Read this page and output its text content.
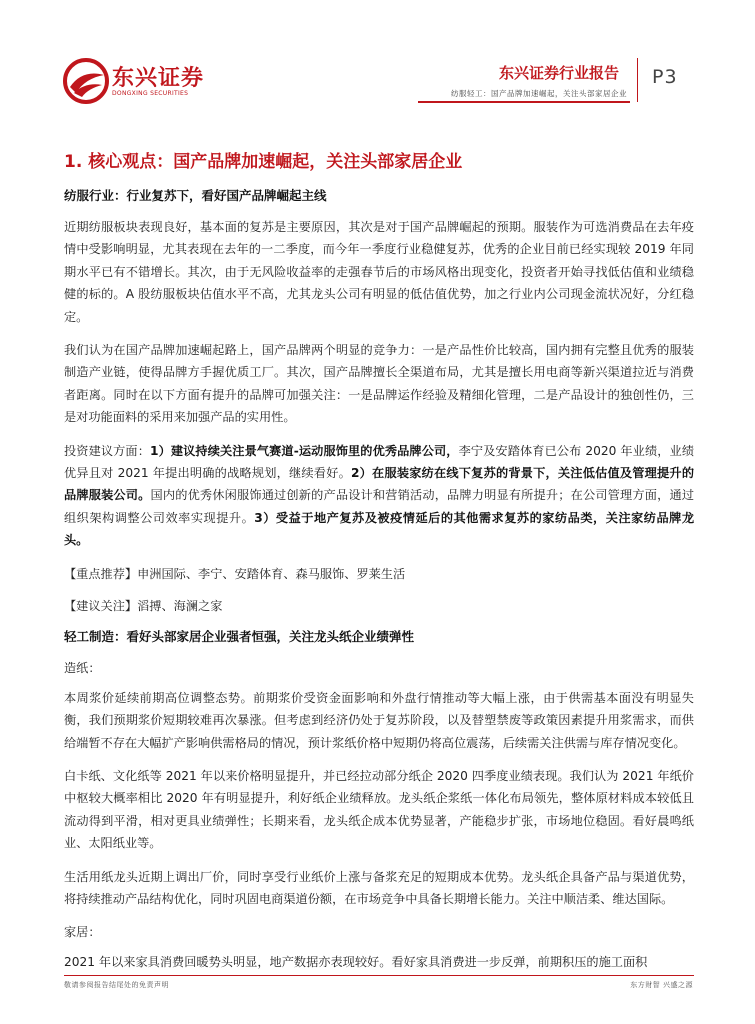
东兴证券
DONGXING SECURITIES
东兴证券行业报告
纺服轻工：国产品牌加速崛起，关注头部家居企业
P3
1. 核心观点：国产品牌加速崛起，关注头部家居企业
纺服行业：行业复苏下，看好国产品牌崛起主线

近期纺服板块表现良好，基本面的复苏是主要原因，其次是对于国产品牌崛起的预期。服装作为可选消费品在去年疫情中受影响明显，尤其表现在去年的一二季度，而今年一季度行业稳健复苏，优秀的企业目前已经实现较 2019 年同期水平已有不错增长。其次，由于无风险收益率的走强春节后的市场风格出现变化，投资者开始寻找低估值和业绩稳健的标的。A 股纺服板块估值水平不高，尤其龙头公司有明显的低估值优势，加之行业内公司现金流状况好，分红稳定。

我们认为在国产品牌加速崛起路上，国产品牌两个明显的竞争力：一是产品性价比较高，国内拥有完整且优秀的服装制造产业链，使得品牌方手握优质工厂。其次，国产品牌擅长全渠道布局，尤其是擅长用电商等新兴渠道拉近与消费者距离。同时在以下方面有提升的品牌可加强关注：一是品牌运作经验及精细化管理，二是产品设计的独创性仍，三是对功能面料的采用来加强产品的实用性。

投资建议方面：1）建议持续关注景气赛道-运动服饰里的优秀品牌公司，李宁及安踏体育已公布 2020 年业绩，业绩优异且对 2021 年提出明确的战略规划，继续看好。2）在服装家纺在线下复苏的背景下，关注低估值及管理提升的品牌服装公司。国内的优秀休闲服饰通过创新的产品设计和营销活动，品牌力明显有所提升；在公司管理方面，通过组织架构调整公司效率实现提升。3）受益于地产复苏及被疫情延后的其他需求复苏的家纺品类，关注家纺品牌龙头。

【重点推荐】申洲国际、李宁、安踏体育、森马服饰、罗莱生活
【建议关注】滔搏、海澜之家
轻工制造：看好头部家居企业强者恒强，关注龙头纸企业绩弹性
造纸：

本周浆价延续前期高位调整态势。前期浆价受资金面影响和外盘行情推动等大幅上涨，由于供需基本面没有明显失衡，我们预期浆价短期较难再次暴涨。但考虑到经济仍处于复苏阶段，以及替塑禁废等政策因素提升用浆需求，而供给端暂不存在大幅扩产影响供需格局的情况，预计浆纸价格中短期仍将高位震荡，后续需关注供需与库存情况变化。

白卡纸、文化纸等 2021 年以来价格明显提升，并已经拉动部分纸企 2020 四季度业绩表现。我们认为 2021 年纸价中枢较大概率相比 2020 年有明显提升，利好纸企业绩释放。龙头纸企浆纸一体化布局领先，整体原材料成本较低且流动得到平滑，相对更具业绩弹性；长期来看，龙头纸企成本优势显著，产能稳步扩张，市场地位稳固。看好晨鸣纸业、太阳纸业等。

生活用纸龙头近期上调出厂价，同时享受行业纸价上涨与备浆充足的短期成本优势。龙头纸企具备产品与渠道优势，将持续推动产品结构优化，同时巩固电商渠道份额，在市场竞争中具备长期增长能力。关注中顺洁柔、维达国际。

家居：

2021 年以来家具消费回暖势头明显，地产数据亦表现较好。看好家具消费进一步反弹，前期积压的施工面积

敬请参阅报告结尾处的免责声明	东方财智 兴盛之源
